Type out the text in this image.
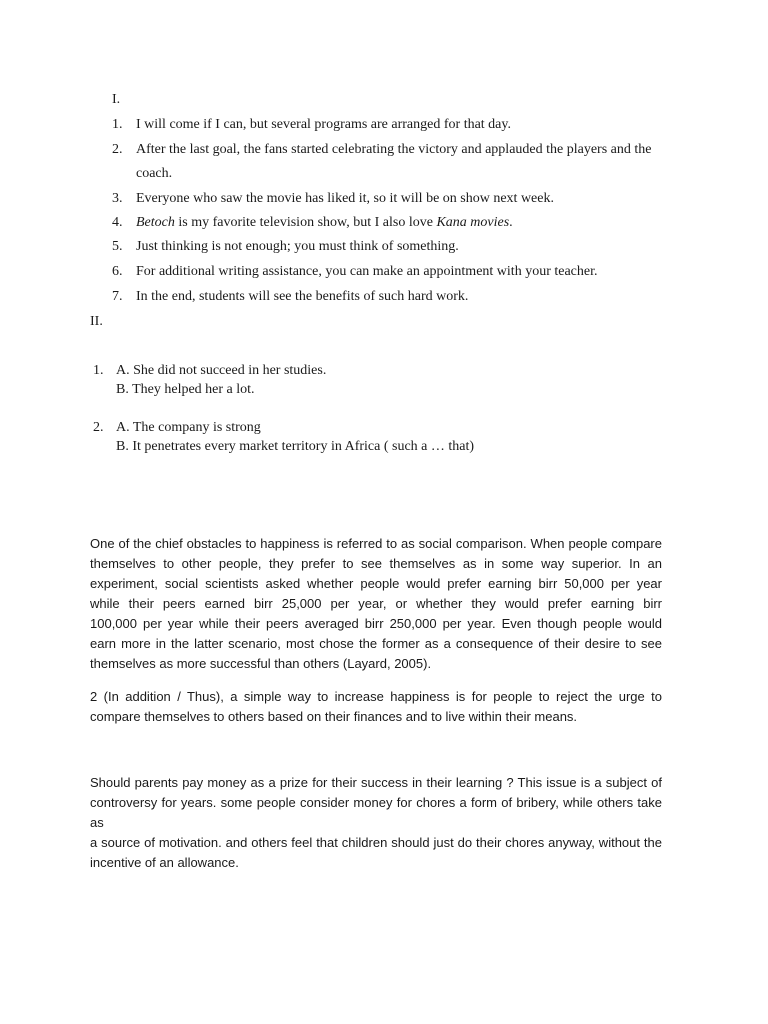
I.
1. I will come if I can, but several programs are arranged for that day.
2. After the last goal, the fans started celebrating the victory and applauded the players and the
coach.
3. Everyone who saw the movie has liked it, so it will be on show next week.
4. Betoch is my favorite television show, but I also love Kana movies.
5. Just thinking is not enough; you must think of something.
6. For additional writing assistance, you can make an appointment with your teacher.
7. In the end, students will see the benefits of such hard work.
II.
1. A. She did not succeed in her studies.
B. They helped her a lot.
2. A. The company is strong
B. It penetrates every market territory in Africa ( such a … that)
One of the chief obstacles to happiness is referred to as social comparison. When people compare
themselves to other people, they prefer to see themselves as in some way superior. In an
experiment, social scientists asked whether people would prefer earning birr 50,000 per year
while their peers earned birr 25,000 per year, or whether they would prefer earning birr
100,000 per year while their peers averaged birr 250,000 per year. Even though people would
earn more in the latter scenario, most chose the former as a consequence of their desire to see
themselves as more successful than others (Layard, 2005).
2 (In addition / Thus), a simple way to increase happiness is for people to reject the urge to
compare themselves to others based on their finances and to live within their means.
Should parents pay money as a prize for their success in their learning ? This issue is a subject of
controversy for years. some people consider money for chores a form of bribery, while others take as
a source of motivation. and others feel that children should just do their chores anyway, without the
incentive of an allowance.
